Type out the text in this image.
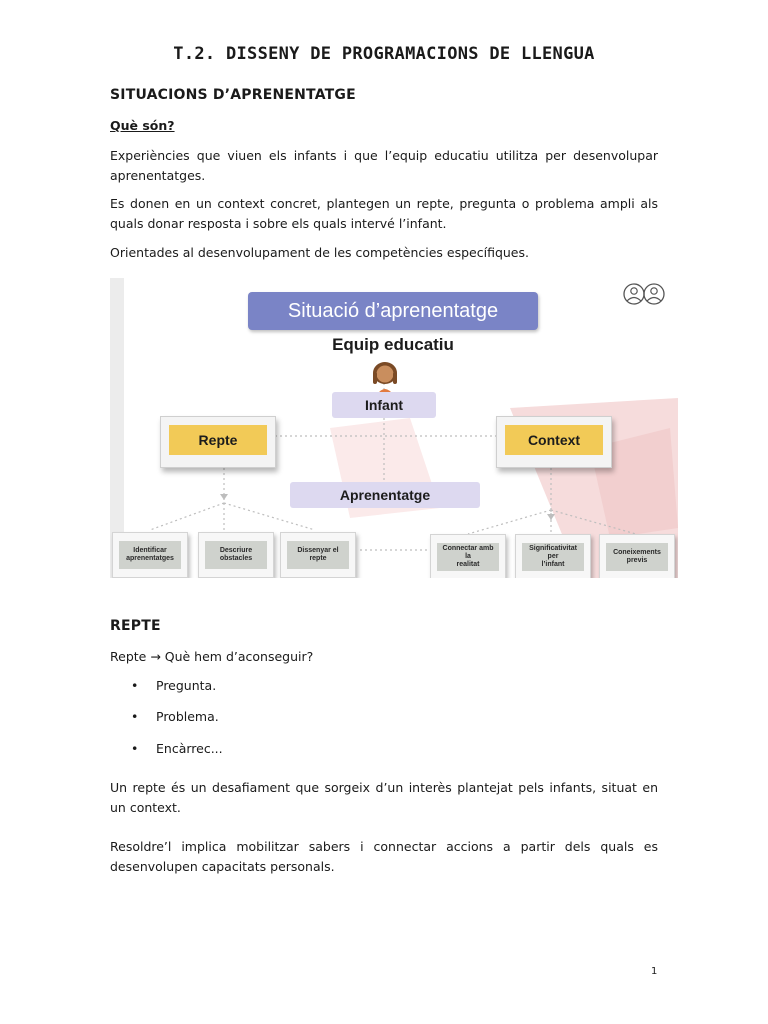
T.2. DISSENY DE PROGRAMACIONS DE LLENGUA
SITUACIONS D’APRENENTATGE
Què són?
Experiències que viuen els infants i que l’equip educatiu utilitza per desenvolupar aprenentatges.
Es donen en un context concret, plantegen un repte, pregunta o problema ampli als quals donar resposta i sobre els quals intervé l’infant.
Orientades al desenvolupament de les competències específiques.
Situació d’aprenentatge
Equip educatiu
Infant
Repte	Context
Aprenentatge
Identificar
aprenentatges
Descriure
obstacles
Dissenyar el
repte
Connectar amb
la
realitat
Significativitat
per
l’infant
Coneixements
previs
REPTE
Repte → Què hem d’aconseguir?
•	Pregunta.
•	Problema.
•	Encàrrec...
Un repte és un desafiament que sorgeix d’un interès plantejat pels infants, situat en un context.
Resoldre’l implica mobilitzar sabers i connectar accions a partir dels quals es desenvolupen capacitats personals.
1
